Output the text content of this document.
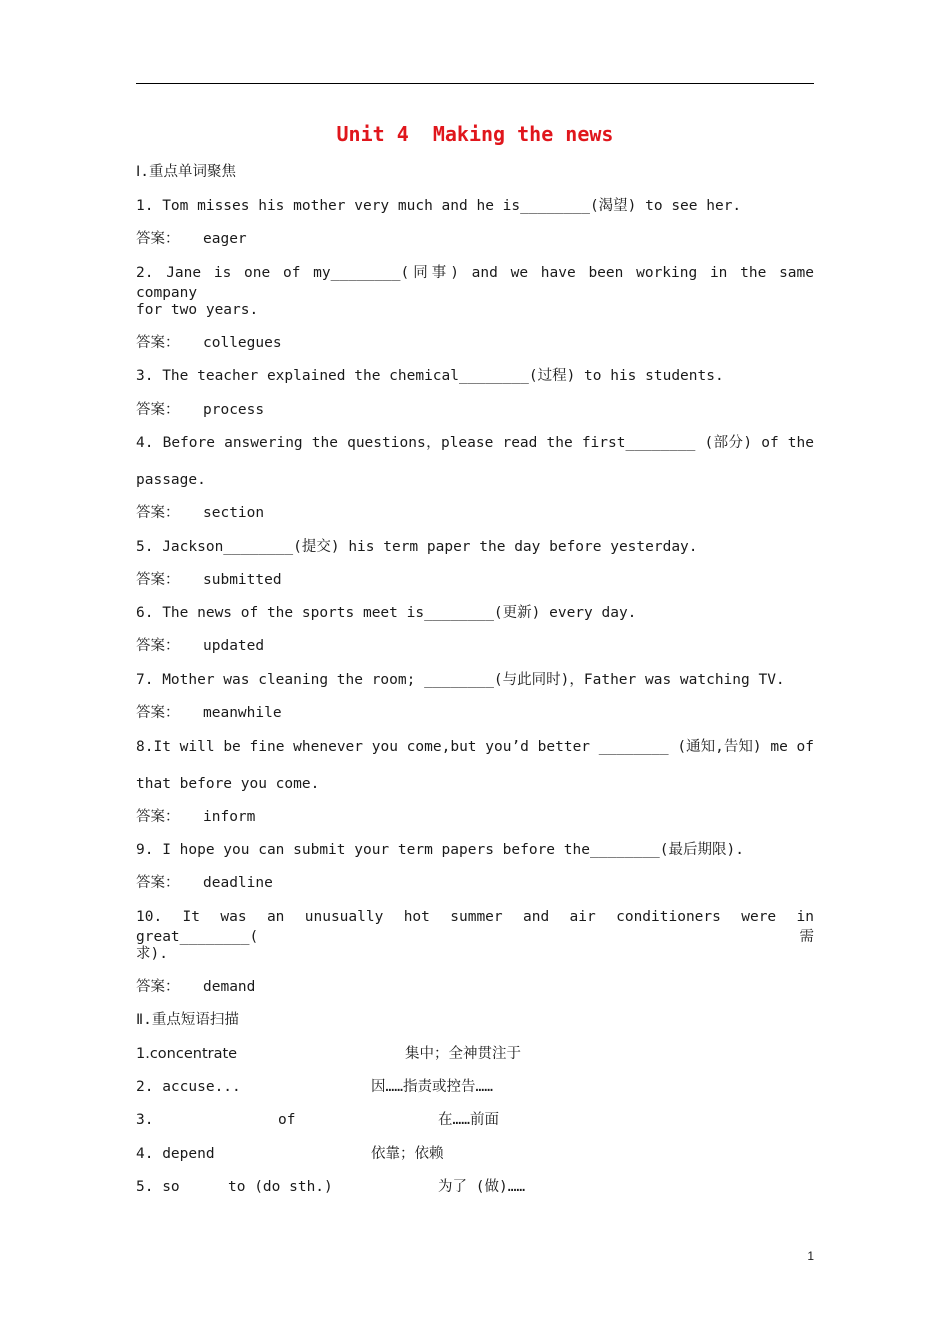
Unit 4  Making the news
Ⅰ.重点单词聚焦
1. Tom misses his mother very much and he is________(渴望) to see her.
答案： eager
2. Jane is one of my________(同事) and we have been working in the same company
for two years.
答案： collegues
3. The teacher explained the chemical________(过程) to his students.
答案： process
4. Before answering the questions，please read the first________ (部分) of the
passage.
答案： section
5. Jackson________(提交) his term paper the day before yesterday.
答案： submitted
6. The news of the sports meet is________(更新) every day.
答案： updated
7. Mother was cleaning the room; ________(与此同时)，Father was watching TV.
答案： meanwhile
8.It will be fine whenever you come,but you’d better ________ (通知,告知) me of
that before you come.
答案： inform
9. I hope you can submit your term papers before the________(最后期限).
答案： deadline
10. It was an unusually hot summer and air conditioners were in great________(需
求).
答案： demand
Ⅱ.重点短语扫描
1.concentrate	集中；全神贯注于
2. accuse...	因……指责或控告……
3.	of	在……前面
4. depend	依靠；依赖
5. so	to (do sth.)	为了 (做)……
1
